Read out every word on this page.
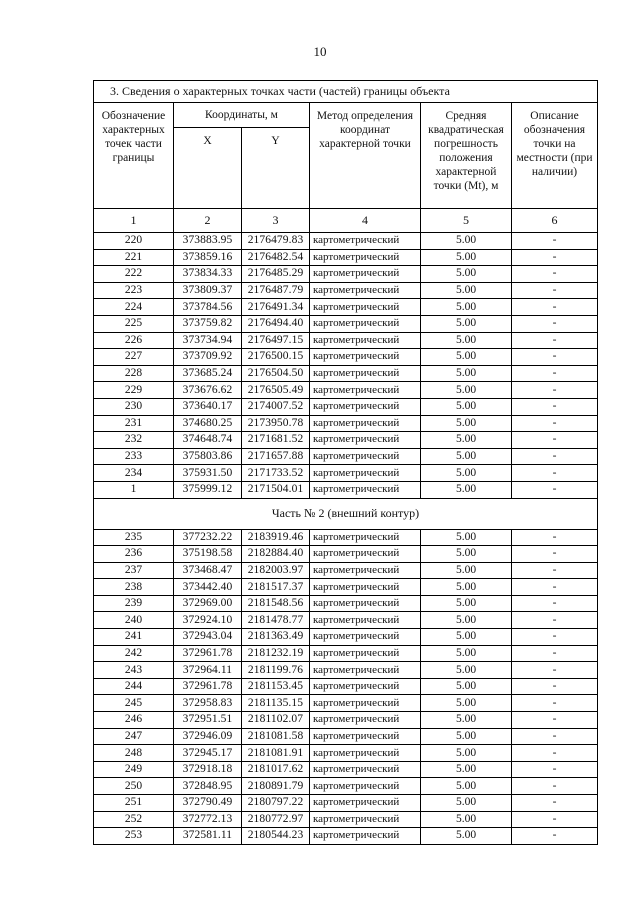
10
3. Сведения о характерных точках части (частей) границы объекта					
Обозначение характерных точек части границы	Координаты, м		Метод определения координат характерной точки	Средняя квадратическая погрешность положения характерной точки (Mt), м	Описание обозначения точки на местности (при наличии)
	X	Y			
1	2	3	4	5	6
220	373883.95	2176479.83	картометрический	5.00	-
221	373859.16	2176482.54	картометрический	5.00	-
222	373834.33	2176485.29	картометрический	5.00	-
223	373809.37	2176487.79	картометрический	5.00	-
224	373784.56	2176491.34	картометрический	5.00	-
225	373759.82	2176494.40	картометрический	5.00	-
226	373734.94	2176497.15	картометрический	5.00	-
227	373709.92	2176500.15	картометрический	5.00	-
228	373685.24	2176504.50	картометрический	5.00	-
229	373676.62	2176505.49	картометрический	5.00	-
230	373640.17	2174007.52	картометрический	5.00	-
231	374680.25	2173950.78	картометрический	5.00	-
232	374648.74	2171681.52	картометрический	5.00	-
233	375803.86	2171657.88	картометрический	5.00	-
234	375931.50	2171733.52	картометрический	5.00	-
1	375999.12	2171504.01	картометрический	5.00	-
Часть № 2 (внешний контур)					
235	377232.22	2183919.46	картометрический	5.00	-
236	375198.58	2182884.40	картометрический	5.00	-
237	373468.47	2182003.97	картометрический	5.00	-
238	373442.40	2181517.37	картометрический	5.00	-
239	372969.00	2181548.56	картометрический	5.00	-
240	372924.10	2181478.77	картометрический	5.00	-
241	372943.04	2181363.49	картометрический	5.00	-
242	372961.78	2181232.19	картометрический	5.00	-
243	372964.11	2181199.76	картометрический	5.00	-
244	372961.78	2181153.45	картометрический	5.00	-
245	372958.83	2181135.15	картометрический	5.00	-
246	372951.51	2181102.07	картометрический	5.00	-
247	372946.09	2181081.58	картометрический	5.00	-
248	372945.17	2181081.91	картометрический	5.00	-
249	372918.18	2181017.62	картометрический	5.00	-
250	372848.95	2180891.79	картометрический	5.00	-
251	372790.49	2180797.22	картометрический	5.00	-
252	372772.13	2180772.97	картометрический	5.00	-
253	372581.11	2180544.23	картометрический	5.00	-
